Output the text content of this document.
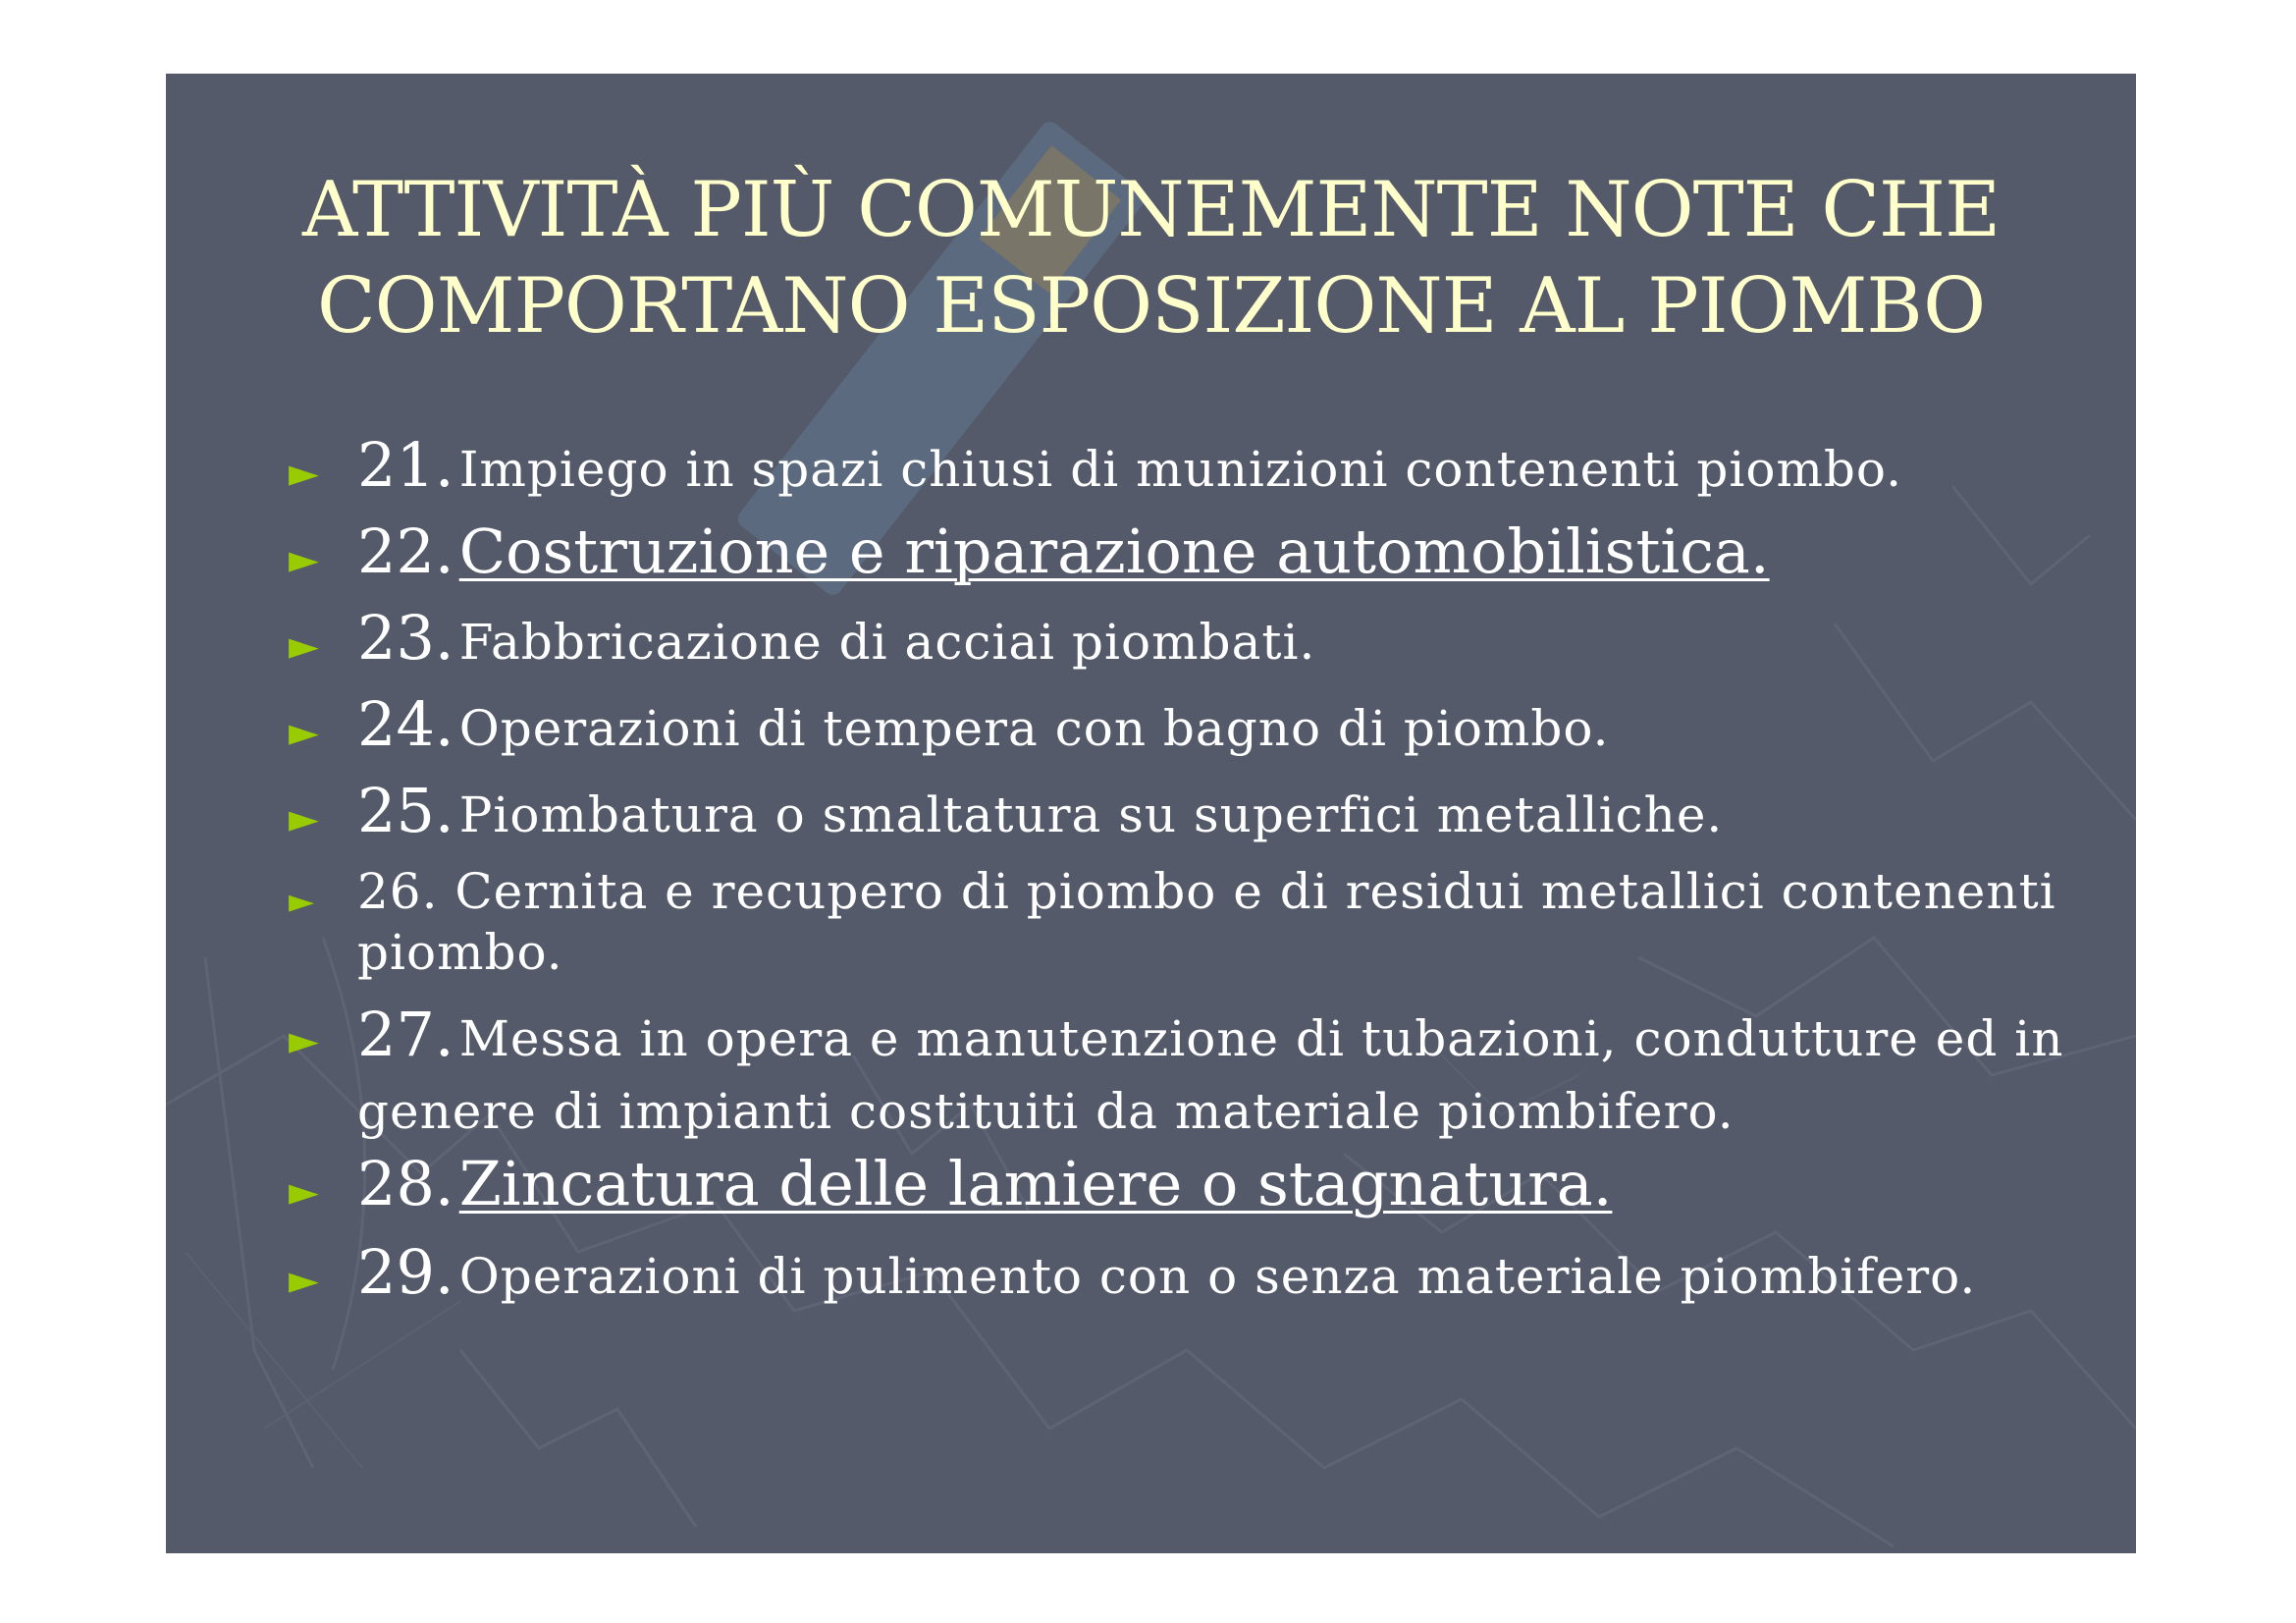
ATTIVITÀ PIÙ COMUNEMENTE NOTE CHE
COMPORTANO ESPOSIZIONE AL PIOMBO
► 21. Impiego in spazi chiusi di munizioni contenenti piombo.
► 22. Costruzione e riparazione automobilistica.
► 23. Fabbricazione di acciai piombati.
► 24. Operazioni di tempera con bagno di piombo.
► 25. Piombatura o smaltatura su superfici metalliche.
► 26. Cernita e recupero di piombo e di residui metallici contenenti piombo.
► 27. Messa in opera e manutenzione di tubazioni, condutture ed in genere di impianti costituiti da materiale piombifero.
► 28. Zincatura delle lamiere o stagnatura.
► 29. Operazioni di pulimento con o senza materiale piombifero.
